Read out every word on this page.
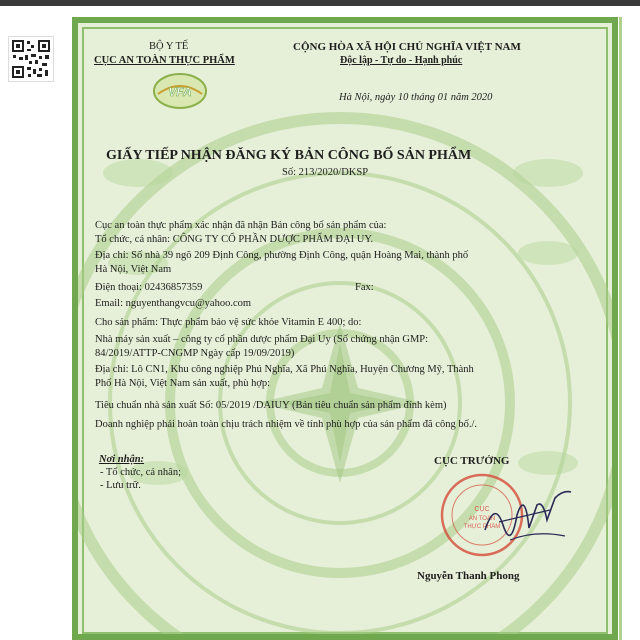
BỘ Y TẾ
CỤC AN TOÀN THỰC PHẨM
VFA
CỘNG HÒA XÃ HỘI CHỦ NGHĨA VIỆT NAM
Độc lập - Tự do - Hạnh phúc
Hà Nội, ngày 10 tháng 01 năm 2020
GIẤY TIẾP NHẬN ĐĂNG KÝ BẢN CÔNG BỐ SẢN PHẨM
Số: 213/2020/DKSP
Cục an toàn thực phẩm xác nhận đã nhận Bản công bố sản phẩm của:
Tổ chức, cá nhân: CÔNG TY CỔ PHẦN DƯỢC PHẨM ĐẠI UY.
Địa chỉ: Số nhà 39 ngõ 209 Định Công, phường Định Công, quận Hoàng Mai, thành phố
Hà Nội, Việt Nam
Điện thoại: 02436857359	Fax:
Email: nguyenthangvcu@yahoo.com
Cho sản phẩm: Thực phẩm bảo vệ sức khỏe Vitamin E 400; do:
Nhà máy sản xuất – công ty cổ phần dược phẩm Đại Uy (Số chứng nhận GMP:
84/2019/ATTP-CNGMP Ngày cấp 19/09/2019)
Địa chỉ: Lô CN1, Khu công nghiệp Phú Nghĩa, Xã Phú Nghĩa, Huyện Chương Mỹ, Thành
Phố Hà Nội, Việt Nam sản xuất, phù hợp:
Tiêu chuẩn nhà sản xuất Số: 05/2019 /DAIUY (Bản tiêu chuẩn sản phẩm đính kèm)
Doanh nghiệp phải hoàn toàn chịu trách nhiệm về tính phù hợp của sản phẩm đã công bố./.
Nơi nhận:
- Tổ chức, cá nhân;
- Lưu trữ.
CỤC TRƯỞNG
CỤC
AN TOÀN
THỰC PHẨM
Nguyễn Thanh Phong
